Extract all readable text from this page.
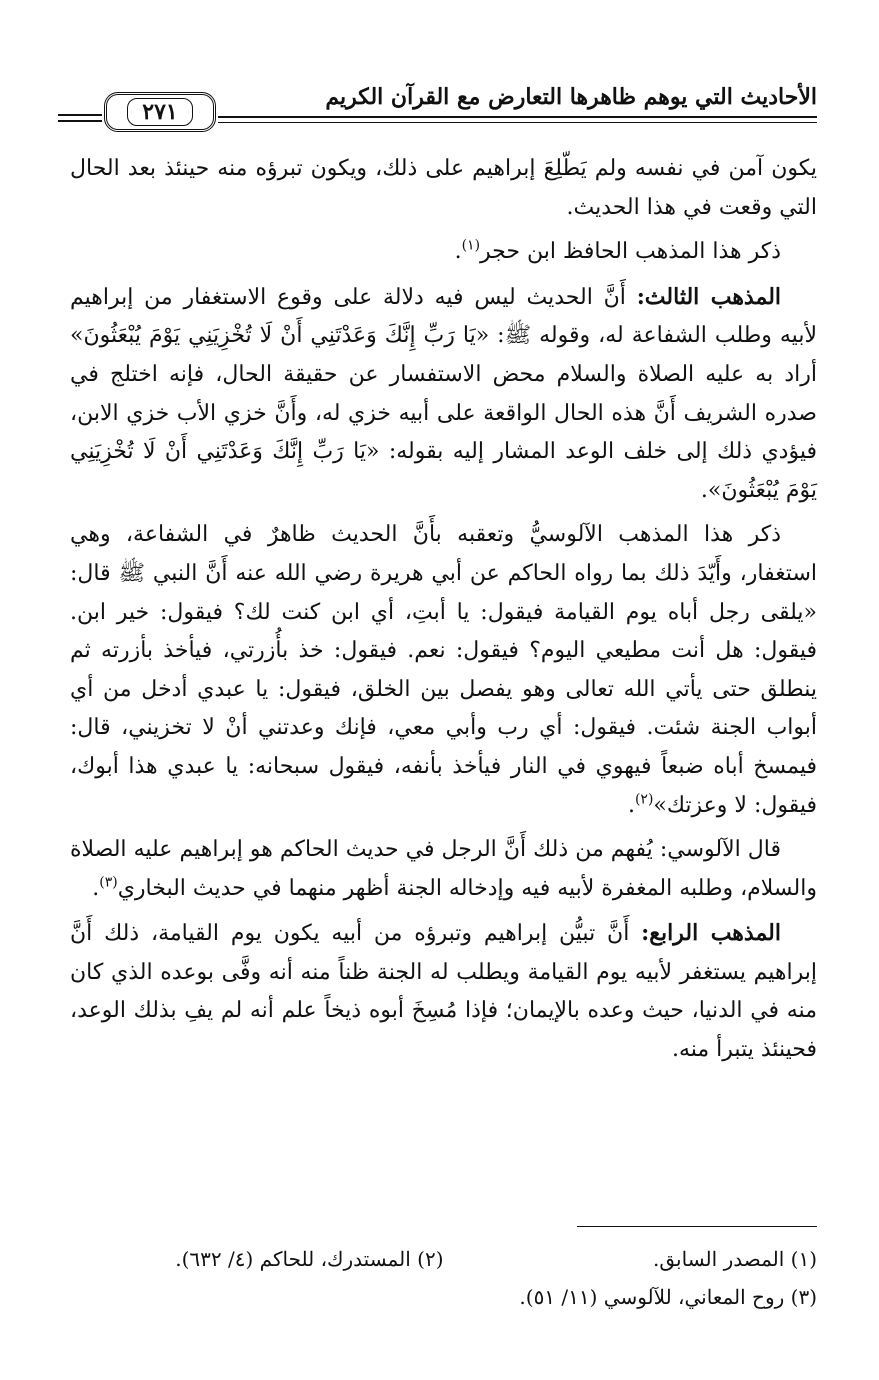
الأحاديث التي يوهم ظاهرها التعارض مع القرآن الكريم
٢٧١

يكون آمن في نفسه ولم يَطّلِعَ إبراهيم على ذلك، ويكون تبرؤه منه حينئذ بعد الحال التي وقعت في هذا الحديث.

ذكر هذا المذهب الحافظ ابن حجر$^{(١)}$.

المذهب الثالث: أَنَّ الحديث ليس فيه دلالة على وقوع الاستغفار من إبراهيم لأبيه وطلب الشفاعة له، وقوله ﷺ: «يَا رَبِّ إِنَّكَ وَعَدْتَنِي أَنْ لَا تُخْزِيَنِي يَوْمَ يُبْعَثُونَ» أراد به عليه الصلاة والسلام محض الاستفسار عن حقيقة الحال، فإنه اختلج في صدره الشريف أَنَّ هذه الحال الواقعة على أبيه خزي له، وأَنَّ خزي الأب خزي الابن، فيؤدي ذلك إلى خلف الوعد المشار إليه بقوله: «يَا رَبِّ إِنَّكَ وَعَدْتَنِي أَنْ لَا تُخْزِيَنِي يَوْمَ يُبْعَثُونَ».

ذكر هذا المذهب الآلوسيُّ وتعقبه بأَنَّ الحديث ظاهرٌ في الشفاعة، وهي استغفار، وأَيّدَ ذلك بما رواه الحاكم عن أبي هريرة رضي الله عنه أَنَّ النبي ﷺ قال: «يلقى رجل أباه يوم القيامة فيقول: يا أبتِ، أي ابن كنت لك؟ فيقول: خير ابن. فيقول: هل أنت مطيعي اليوم؟ فيقول: نعم. فيقول: خذ بأُزرتي، فيأخذ بأزرته ثم ينطلق حتى يأتي الله تعالى وهو يفصل بين الخلق، فيقول: يا عبدي أدخل من أي أبواب الجنة شئت. فيقول: أي رب وأبي معي، فإنك وعدتني أنْ لا تخزيني، قال: فيمسخ أباه ضبعاً فيهوي في النار فيأخذ بأنفه، فيقول سبحانه: يا عبدي هذا أبوك، فيقول: لا وعزتك»$^{(٢)}$.

قال الآلوسي: يُفهم من ذلك أَنَّ الرجل في حديث الحاكم هو إبراهيم عليه الصلاة والسلام، وطلبه المغفرة لأبيه فيه وإدخاله الجنة أظهر منهما في حديث البخاري$^{(٣)}$.

المذهب الرابع: أَنَّ تبيُّن إبراهيم وتبرؤه من أبيه يكون يوم القيامة، ذلك أَنَّ إبراهيم يستغفر لأبيه يوم القيامة ويطلب له الجنة ظناً منه أنه وفَّى بوعده الذي كان منه في الدنيا، حيث وعده بالإيمان؛ فإذا مُسِخَ أبوه ذيخاً علم أنه لم يفِ بذلك الوعد، فحينئذ يتبرأ منه.

(١) المصدر السابق.
(٢) المستدرك، للحاكم (٤/ ٦٣٢).
(٣) روح المعاني، للآلوسي (١١/ ٥١).
